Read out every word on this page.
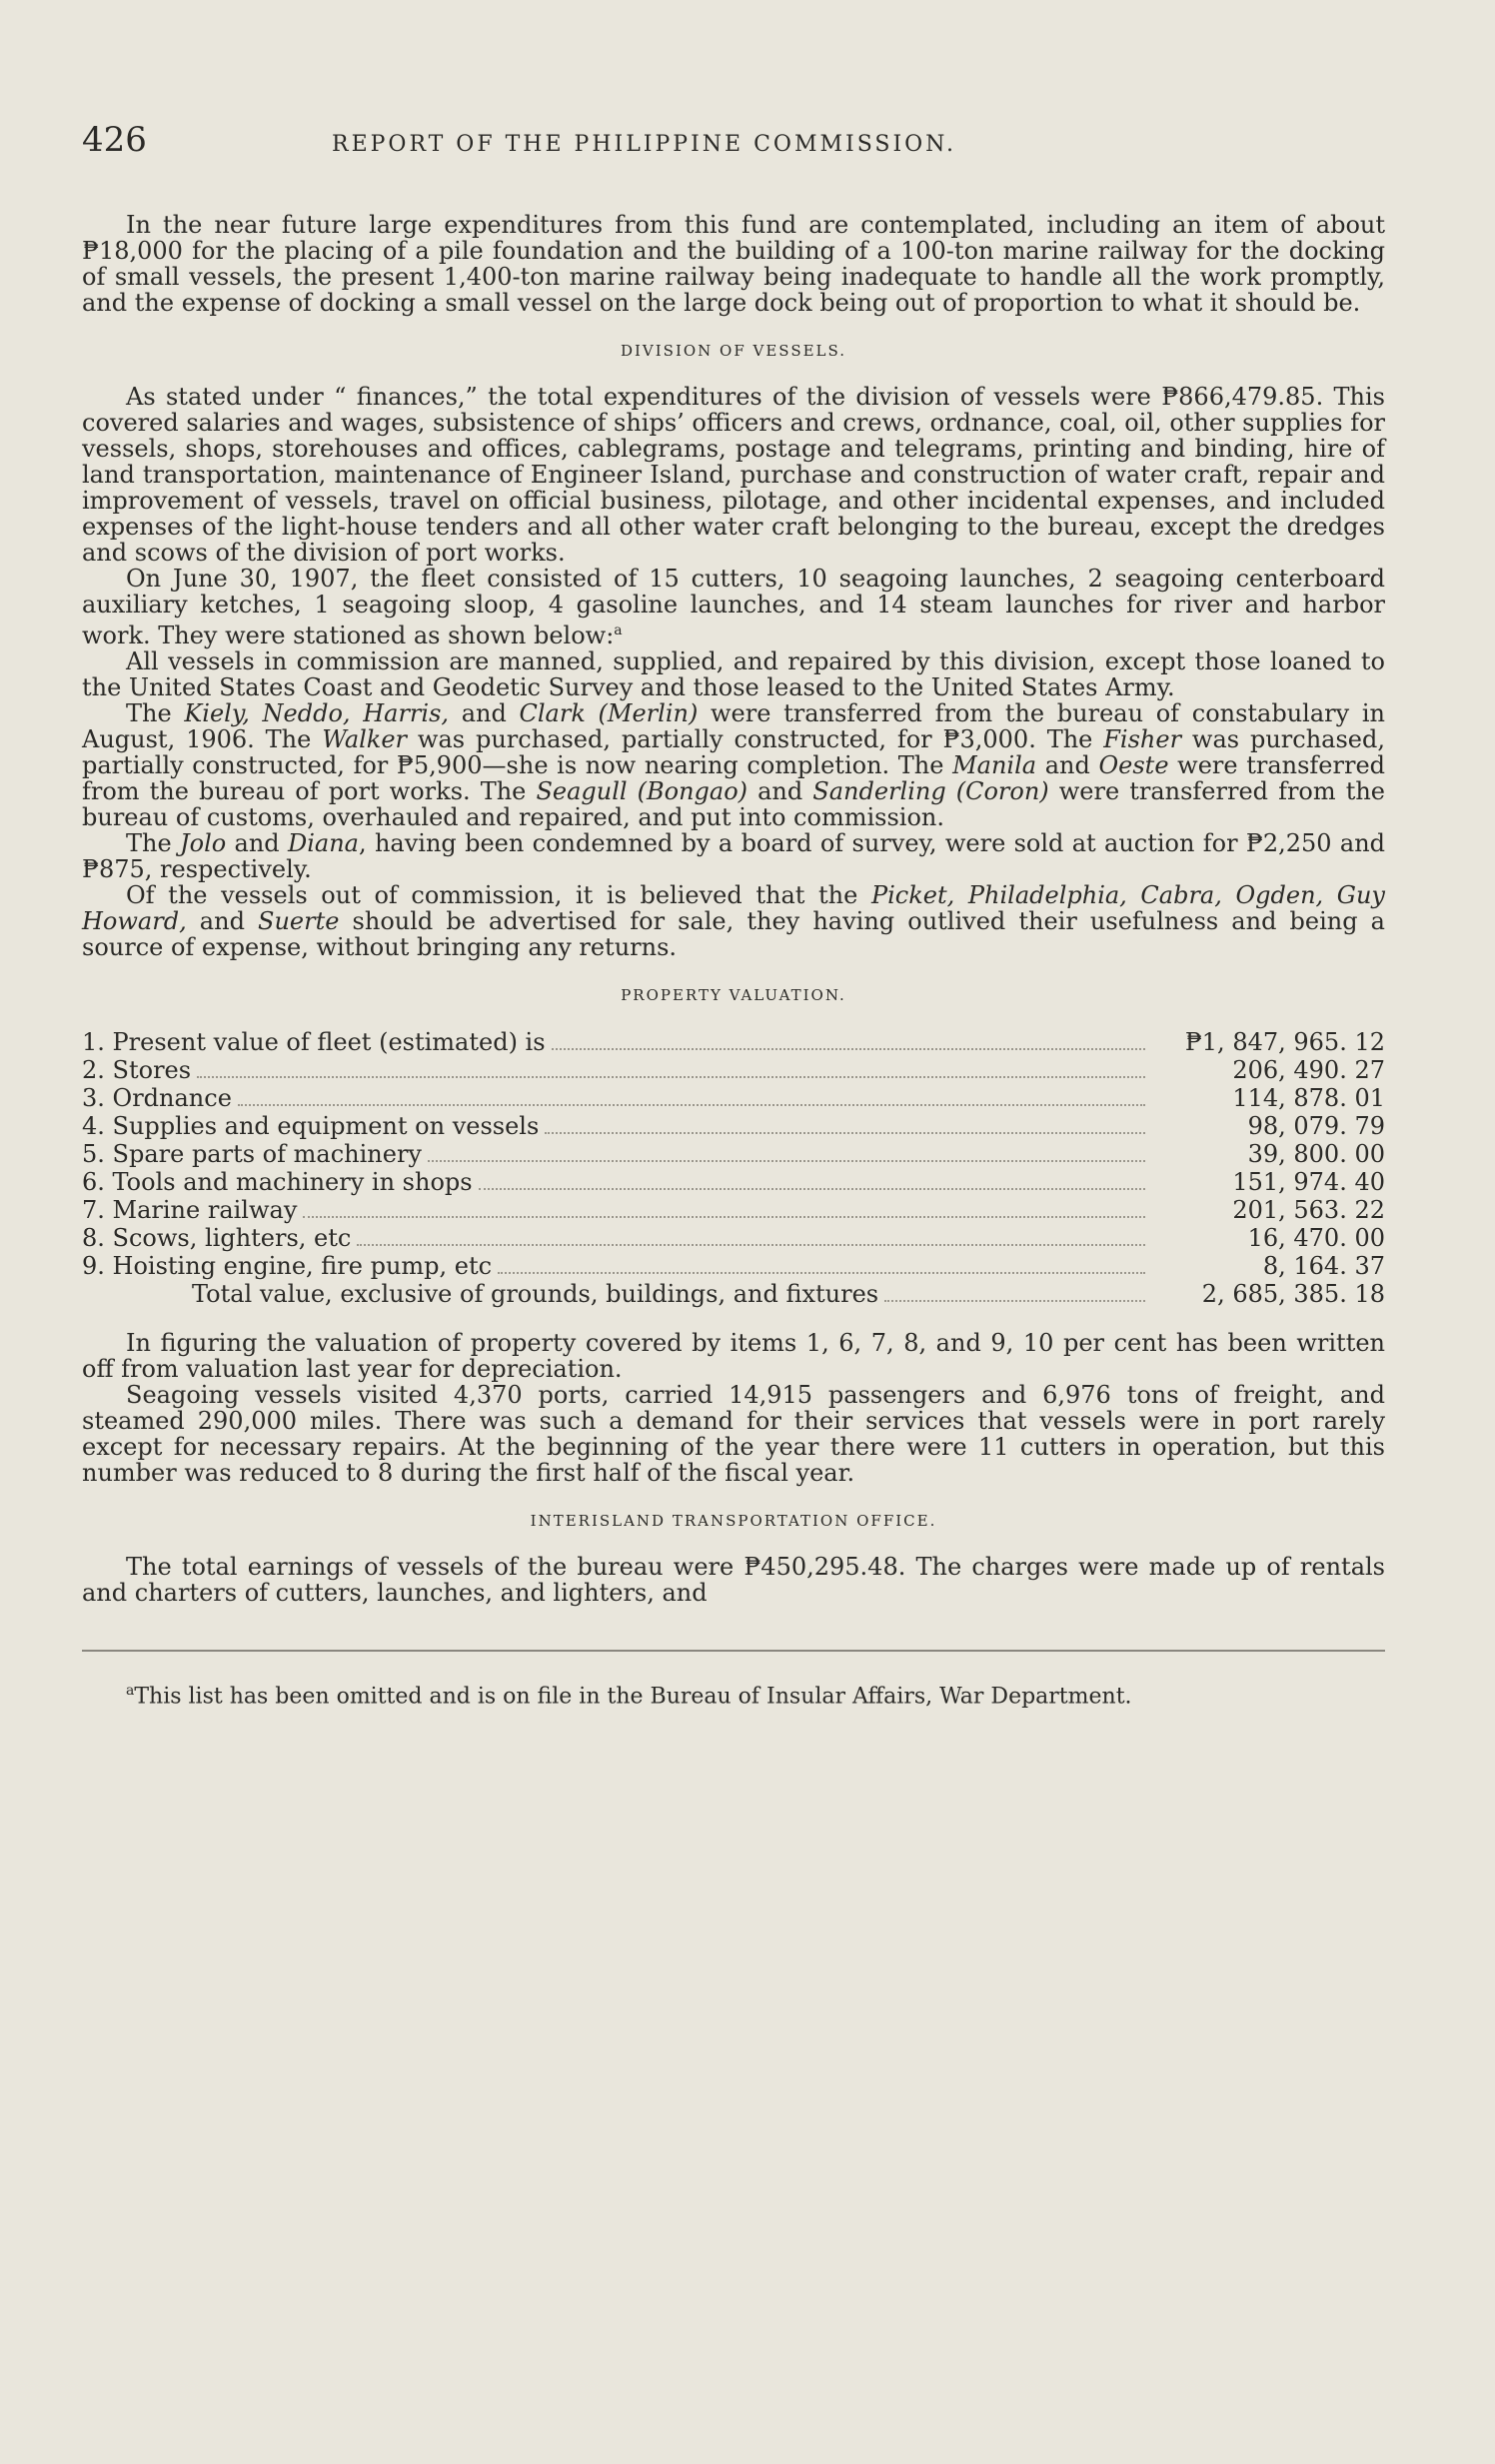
426	REPORT OF THE PHILIPPINE COMMISSION.

In the near future large expenditures from this fund are contemplated, including an item of about ₱18,000 for the placing of a pile foundation and the building of a 100-ton marine railway for the docking of small vessels, the present 1,400-ton marine railway being inadequate to handle all the work promptly, and the expense of docking a small vessel on the large dock being out of proportion to what it should be.

DIVISION OF VESSELS.

As stated under “ finances,” the total expenditures of the division of vessels were ₱866,479.85. This covered salaries and wages, subsistence of ships’ officers and crews, ordnance, coal, oil, other supplies for vessels, shops, storehouses and offices, cablegrams, postage and telegrams, printing and binding, hire of land transportation, maintenance of Engineer Island, purchase and construction of water craft, repair and improvement of vessels, travel on official business, pilotage, and other incidental expenses, and included expenses of the light-house tenders and all other water craft belonging to the bureau, except the dredges and scows of the division of port works.

On June 30, 1907, the fleet consisted of 15 cutters, 10 seagoing launches, 2 seagoing centerboard auxiliary ketches, 1 seagoing sloop, 4 gasoline launches, and 14 steam launches for river and harbor work. They were stationed as shown below:$^a$

All vessels in commission are manned, supplied, and repaired by this division, except those loaned to the United States Coast and Geodetic Survey and those leased to the United States Army.

The Kiely, Neddo, Harris, and Clark (Merlin) were transferred from the bureau of constabulary in August, 1906. The Walker was purchased, partially constructed, for ₱3,000. The Fisher was purchased, partially constructed, for ₱5,900—she is now nearing completion. The Manila and Oeste were transferred from the bureau of port works. The Seagull (Bongao) and Sanderling (Coron) were transferred from the bureau of customs, overhauled and repaired, and put into commission.

The Jolo and Diana, having been condemned by a board of survey, were sold at auction for ₱2,250 and ₱875, respectively.

Of the vessels out of commission, it is believed that the Picket, Philadelphia, Cabra, Ogden, Guy Howard, and Suerte should be advertised for sale, they having outlived their usefulness and being a source of expense, without bringing any returns.

PROPERTY VALUATION.
1. Present value of fleet (estimated) is	₱1, 847, 965. 12

2. Stores	206, 490. 27

3. Ordnance	114, 878. 01

4. Supplies and equipment on vessels	98, 079. 79

5. Spare parts of machinery	39, 800. 00

6. Tools and machinery in shops	151, 974. 40

7. Marine railway	201, 563. 22

8. Scows, lighters, etc	16, 470. 00

9. Hoisting engine, fire pump, etc	8, 164. 37

Total value, exclusive of grounds, buildings, and fixtures	2, 685, 385. 18

In figuring the valuation of property covered by items 1, 6, 7, 8, and 9, 10 per cent has been written off from valuation last year for depreciation.

Seagoing vessels visited 4,370 ports, carried 14,915 passengers and 6,976 tons of freight, and steamed 290,000 miles. There was such a demand for their services that vessels were in port rarely except for necessary repairs. At the beginning of the year there were 11 cutters in operation, but this number was reduced to 8 during the first half of the fiscal year.

INTERISLAND TRANSPORTATION OFFICE.

The total earnings of vessels of the bureau were ₱450,295.48. The charges were made up of rentals and charters of cutters, launches, and lighters, and

$^a$This list has been omitted and is on file in the Bureau of Insular Affairs, War Department.
